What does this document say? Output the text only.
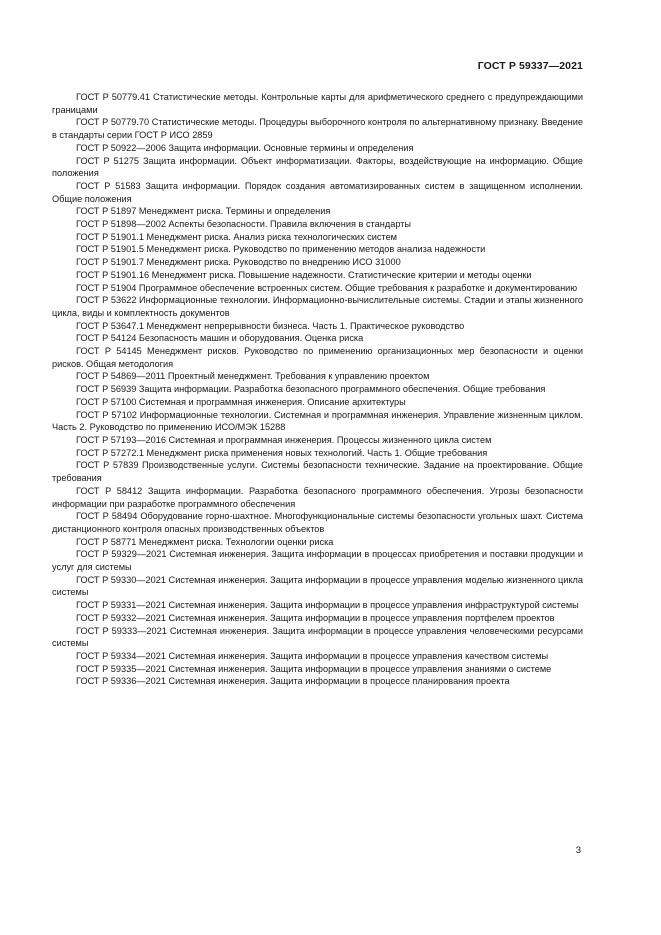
ГОСТ Р 59337—2021

ГОСТ Р 50779.41 Статистические методы. Контрольные карты для арифметического среднего с предупреждающими границами

ГОСТ Р 50779.70 Статистические методы. Процедуры выборочного контроля по альтернативному признаку. Введение в стандарты серии ГОСТ Р ИСО 2859

ГОСТ Р 50922—2006 Защита информации. Основные термины и определения

ГОСТ Р 51275 Защита информации. Объект информатизации. Факторы, воздействующие на информацию. Общие положения

ГОСТ Р 51583 Защита информации. Порядок создания автоматизированных систем в защищенном исполнении. Общие положения

ГОСТ Р 51897 Менеджмент риска. Термины и определения

ГОСТ Р 51898—2002 Аспекты безопасности. Правила включения в стандарты

ГОСТ Р 51901.1 Менеджмент риска. Анализ риска технологических систем

ГОСТ Р 51901.5 Менеджмент риска. Руководство по применению методов анализа надежности

ГОСТ Р 51901.7 Менеджмент риска. Руководство по внедрению ИСО 31000

ГОСТ Р 51901.16 Менеджмент риска. Повышение надежности. Статистические критерии и методы оценки

ГОСТ Р 51904 Программное обеспечение встроенных систем. Общие требования к разработке и документированию

ГОСТ Р 53622 Информационные технологии. Информационно-вычислительные системы. Стадии и этапы жизненного цикла, виды и комплектность документов

ГОСТ Р 53647.1 Менеджмент непрерывности бизнеса. Часть 1. Практическое руководство

ГОСТ Р 54124 Безопасность машин и оборудования. Оценка риска

ГОСТ Р 54145 Менеджмент рисков. Руководство по применению организационных мер безопасности и оценки рисков. Общая методология

ГОСТ Р 54869—2011 Проектный менеджмент. Требования к управлению проектом

ГОСТ Р 56939 Защита информации. Разработка безопасного программного обеспечения. Общие требования

ГОСТ Р 57100 Системная и программная инженерия. Описание архитектуры

ГОСТ Р 57102 Информационные технологии. Системная и программная инженерия. Управление жизненным циклом. Часть 2. Руководство по применению ИСО/МЭК 15288

ГОСТ Р 57193—2016 Системная и программная инженерия. Процессы жизненного цикла систем

ГОСТ Р 57272.1 Менеджмент риска применения новых технологий. Часть 1. Общие требования

ГОСТ Р 57839 Производственные услуги. Системы безопасности технические. Задание на проектирование. Общие требования

ГОСТ Р 58412 Защита информации. Разработка безопасного программного обеспечения. Угрозы безопасности информации при разработке программного обеспечения

ГОСТ Р 58494 Оборудование горно-шахтное. Многофункциональные системы безопасности угольных шахт. Система дистанционного контроля опасных производственных объектов

ГОСТ Р 58771 Менеджмент риска. Технологии оценки риска

ГОСТ Р 59329—2021 Системная инженерия. Защита информации в процессах приобретения и поставки продукции и услуг для системы

ГОСТ Р 59330—2021 Системная инженерия. Защита информации в процессе управления моделью жизненного цикла системы

ГОСТ Р 59331—2021 Системная инженерия. Защита информации в процессе управления инфраструктурой системы

ГОСТ Р 59332—2021 Системная инженерия. Защита информации в процессе управления портфелем проектов

ГОСТ Р 59333—2021 Системная инженерия. Защита информации в процессе управления человеческими ресурсами системы

ГОСТ Р 59334—2021 Системная инженерия. Защита информации в процессе управления качеством системы

ГОСТ Р 59335—2021 Системная инженерия. Защита информации в процессе управления знаниями о системе

ГОСТ Р 59336—2021 Системная инженерия. Защита информации в процессе планирования проекта

3
